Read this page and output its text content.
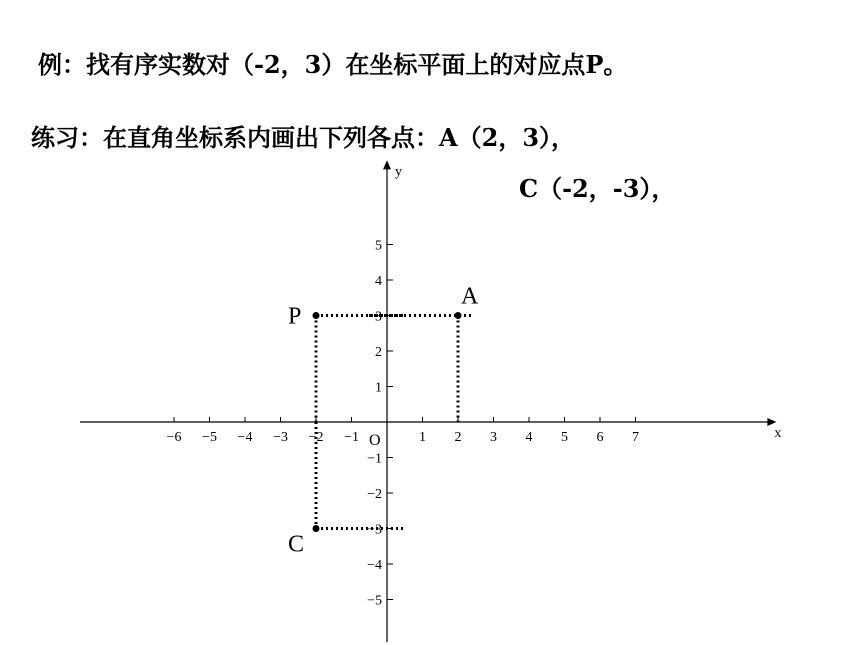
例：找有序实数对（-2，3）在坐标平面上的对应点P。
练习：在直角坐标系内画出下列各点：A（2，3），
C（-2，-3），
x
y
O
−6 −5 −4 −3 −2 −1	1 2 3 4 5 6 7
−5
−4
−3
−2
−1
1
2
3
4
5
P
A
C
